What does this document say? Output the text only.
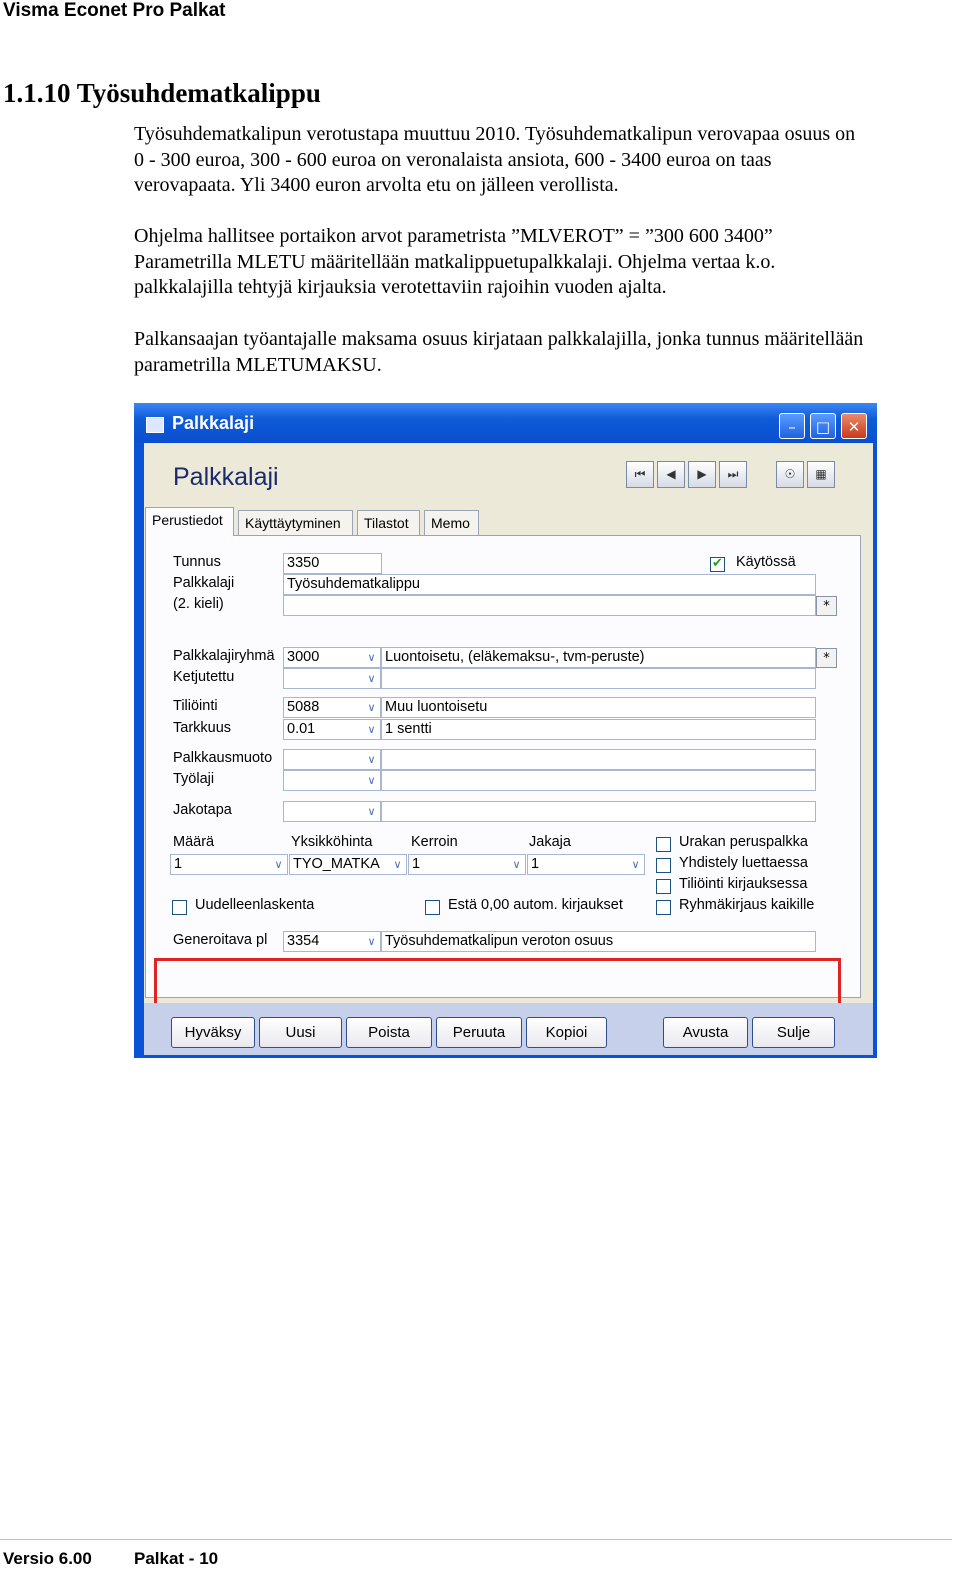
Visma Econet Pro Palkat
1.1.10 Työsuhdematkalippu
Työsuhdematkalipun verotustapa muuttuu 2010. Työsuhdematkalipun verovapaa osuus on
0 - 300 euroa, 300 - 600 euroa on veronalaista ansiota, 600 - 3400 euroa on taas
verovapaata. Yli 3400 euron arvolta etu on jälleen verollista.
Ohjelma hallitsee portaikon arvot parametrista ”MLVEROT” = ”300 600 3400”
Parametrilla MLETU määritellään matkalippuetupalkkalaji. Ohjelma vertaa k.o.
palkkalajilla tehtyjä kirjauksia verotettaviin rajoihin vuoden ajalta.
Palkansaajan työantajalle maksama osuus kirjataan palkkalajilla, jonka tunnus määritellään
parametrilla MLETUMAKSU.
Palkkalaji	–	□	✕
Palkkalaji	⏮	◀	▶	⏭	☉	▦
Perustiedot	Käyttäytyminen	Tilastot	Memo
Tunnus	3350	✔ Käytössä
Palkkalaji	Työsuhdematkalippu
(2. kieli)	*
Palkkalajiryhmä 3000	∨ Luontoisetu, (eläkemaksu-, tvm-peruste)	*
Ketjutettu	∨
Tiliöinti	5088	∨ Muu luontoisetu
Tarkkuus	0.01	∨ 1 sentti
Palkkausmuoto	∨
Työlaji	∨
Jakotapa	∨
Määrä	Yksikköhinta	Kerroin	Jakaja
1	∨ TYO_MATKA	∨ 1	∨ 1	∨
Urakan peruspalkka
Yhdistely luettaessa
Tiliöinti kirjauksessa
Ryhmäkirjaus kaikille
Uudelleenlaskenta	Estä 0,00 autom. kirjaukset
Generoitava pl 3354	∨ Työsuhdematkalipun veroton osuus
Hyväksy	Uusi	Poista	Peruuta	Kopioi	Avusta	Sulje
Versio 6.00 Palkat - 10
